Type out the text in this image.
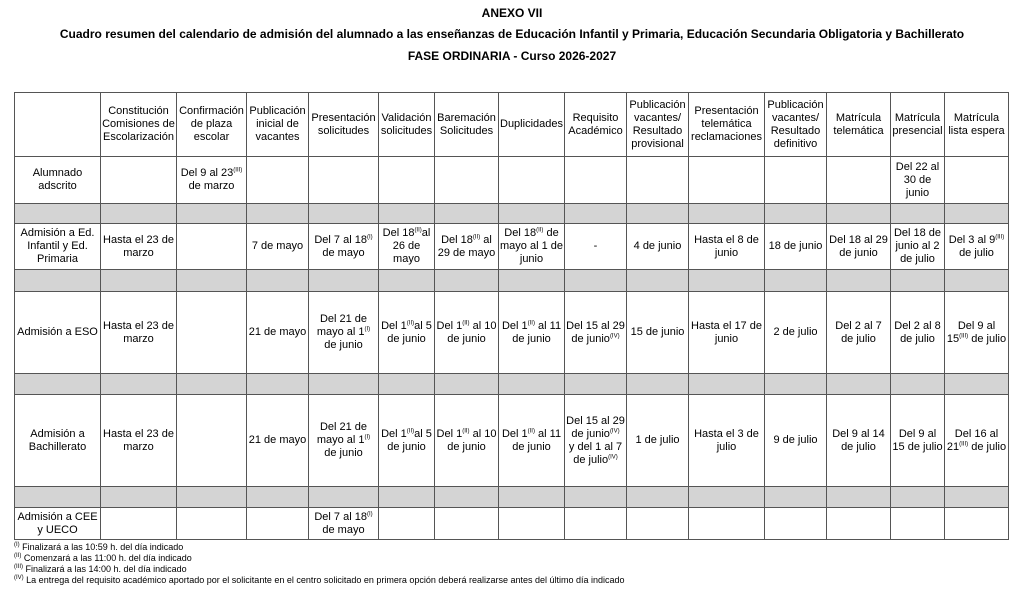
ANEXO VII
Cuadro resumen del calendario de admisión del alumnado a las enseñanzas de Educación Infantil y Primaria, Educación Secundaria Obligatoria y Bachillerato
FASE ORDINARIA - Curso 2026-2027
	Constitución Comisiones de Escolarización	Confirmación de plaza escolar	Publicación inicial de vacantes	Presentación solicitudes	Validación solicitudes	Baremación Solicitudes	Duplicidades	Requisito Académico	Publicación vacantes/ Resultado provisional	Presentación telemática reclamaciones	Publicación vacantes/ Resultado definitivo	Matrícula telemática	Matrícula presencial	Matrícula lista espera
Alumnado adscrito		Del 9 al $23^{(III)}$ de marzo											Del 22 al 30 de junio	

Admisión a Ed. Infantil y Ed. Primaria	Hasta el 23 de marzo		7 de mayo	Del 7 al $18^{(I)}$ de mayo	Del $18^{(II)}al$ 26 de mayo	Del $18^{(II)}$ al 29 de mayo	Del $18^{(II)}$ de mayo al 1 de junio	-	4 de junio	Hasta el 8 de junio	18 de junio	Del 18 al 29 de junio	Del 18 de junio al 2 de julio	Del 3 al $9^{(III)}$ de julio

Admisión a ESO	Hasta el 23 de marzo		21 de mayo	Del 21 de mayo al $1^{(I)}$ de junio	Del $1^{(II)}al$ 5 de junio	Del $1^{(II)}$ al 10 de junio	Del $1^{(II)}$ al 11 de junio	Del 15 al 29 de junio$^{(IV)}$	15 de junio	Hasta el 17 de junio	2 de julio	Del 2 al 7 de julio	Del 2 al 8 de julio	Del 9 al $15^{(III)}$ de julio

Admisión a Bachillerato	Hasta el 23 de marzo		21 de mayo	Del 21 de mayo al $1^{(I)}$ de junio	Del $1^{(II)}al$ 5 de junio	Del $1^{(II)}$ al 10 de junio	Del $1^{(II)}$ al 11 de junio	Del 15 al 29 de junio$^{(IV)}$
y del 1 al 7 de julio$^{(IV)}$	1 de julio	Hasta el 3 de julio	9 de julio	Del 9 al 14 de julio	Del 9 al 15 de julio	Del 16 al $21^{(III)}$ de julio

Admisión a CEE y UECO				Del 7 al $18^{(I)}$ de mayo										
$^{(I)}$ Finalizará a las 10:59 h. del día indicado
$^{(II)}$ Comenzará a las 11:00 h. del día indicado
$^{(III)}$ Finalizará a las 14:00 h. del día indicado
$^{(IV)}$ La entrega del requisito académico aportado por el solicitante en el centro solicitado en primera opción deberá realizarse antes del último día indicado
